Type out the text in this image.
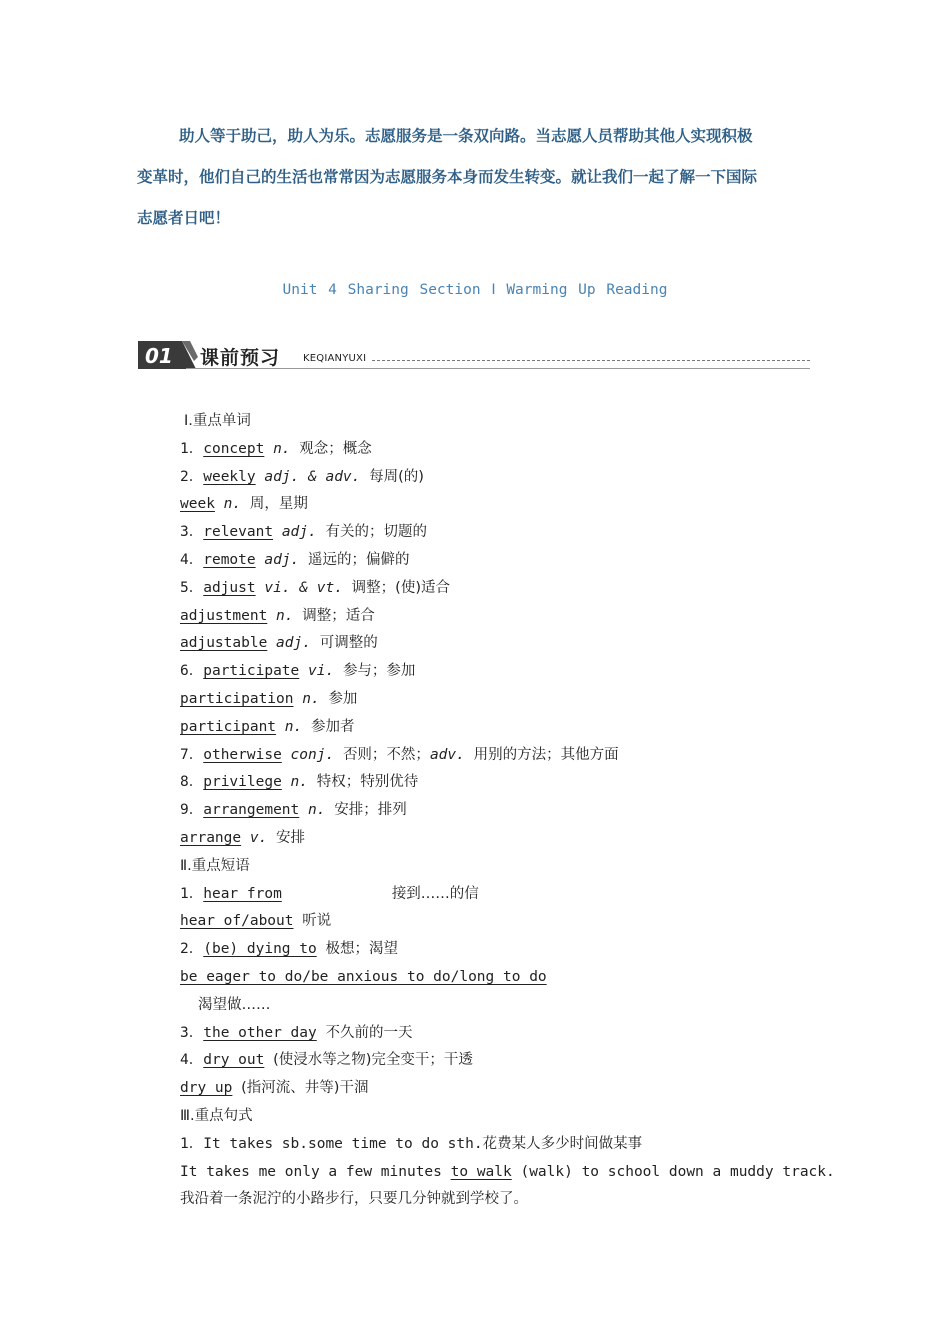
助人等于助己，助人为乐。志愿服务是一条双向路。当志愿人员帮助其他人实现积极

变革时，他们自己的生活也常常因为志愿服务本身而发生转变。就让我们一起了解一下国际
志愿者日吧！
Unit 4 Sharing Section Ⅰ Warming Up Reading
01 课前预习 KEQIANYUXI
Ⅰ.重点单词
1．concept n. 观念；概念
2．weekly adj. & adv. 每周(的)
week n. 周，星期
3．relevant adj. 有关的；切题的
4．remote adj. 遥远的；偏僻的
5．adjust vi. & vt. 调整；(使)适合
adjustment n. 调整；适合
adjustable adj. 可调整的
6．participate vi. 参与；参加
participation n. 参加
participant n. 参加者
7．otherwise conj. 否则；不然；adv. 用别的方法；其他方面
8．privilege n. 特权；特别优待
9．arrangement n. 安排；排列
arrange v. 安排
Ⅱ.重点短语
1．hear from	接到……的信
hear of/about 听说
2．(be) dying to 极想；渴望
be eager to do/be anxious to do/long to do
渴望做……
3．the other day 不久前的一天
4．dry out (使浸水等之物)完全变干；干透
dry up (指河流、井等)干涸
Ⅲ.重点句式
1．It takes sb.some time to do sth.花费某人多少时间做某事
It takes me only a few minutes to walk (walk) to school down a muddy track.
我沿着一条泥泞的小路步行，只要几分钟就到学校了。
